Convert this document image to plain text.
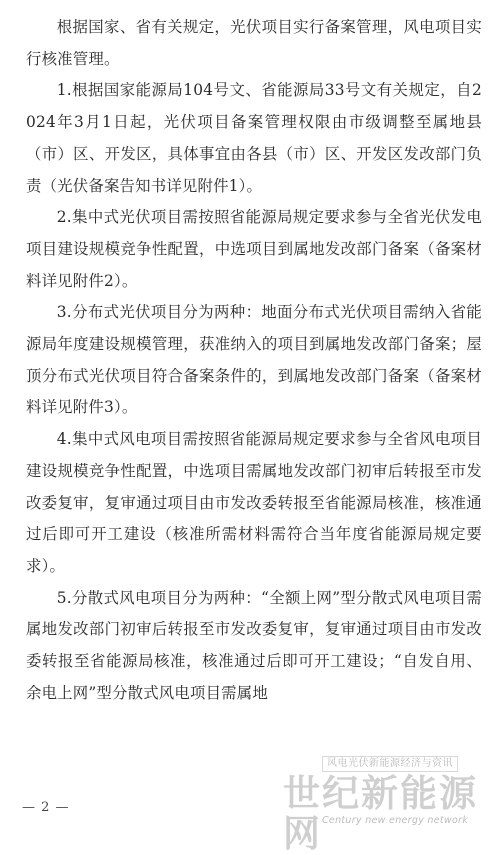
根据国家、省有关规定，光伏项目实行备案管理，风电项目实行核准管理。

1.根据国家能源局104号文、省能源局33号文有关规定，自2024年3月1日起，光伏项目备案管理权限由市级调整至属地县（市）区、开发区，具体事宜由各县（市）区、开发区发改部门负责（光伏备案告知书详见附件1）。

2.集中式光伏项目需按照省能源局规定要求参与全省光伏发电项目建设规模竞争性配置，中选项目到属地发改部门备案（备案材料详见附件2）。

3.分布式光伏项目分为两种：地面分布式光伏项目需纳入省能源局年度建设规模管理，获准纳入的项目到属地发改部门备案；屋顶分布式光伏项目符合备案条件的，到属地发改部门备案（备案材料详见附件3）。

4.集中式风电项目需按照省能源局规定要求参与全省风电项目建设规模竞争性配置，中选项目需属地发改部门初审后转报至市发改委复审，复审通过项目由市发改委转报至省能源局核准，核准通过后即可开工建设（核准所需材料需符合当年度省能源局规定要求）。

5.分散式风电项目分为两种：“全额上网”型分散式风电项目需属地发改部门初审后转报至市发改委复审，复审通过项目由市发改委转报至省能源局核准，核准通过后即可开工建设；“自发自用、余电上网”型分散式风电项目需属地

风电光伏新能源经济与资讯
世纪新能源网 Century new energy network
— 2 —
